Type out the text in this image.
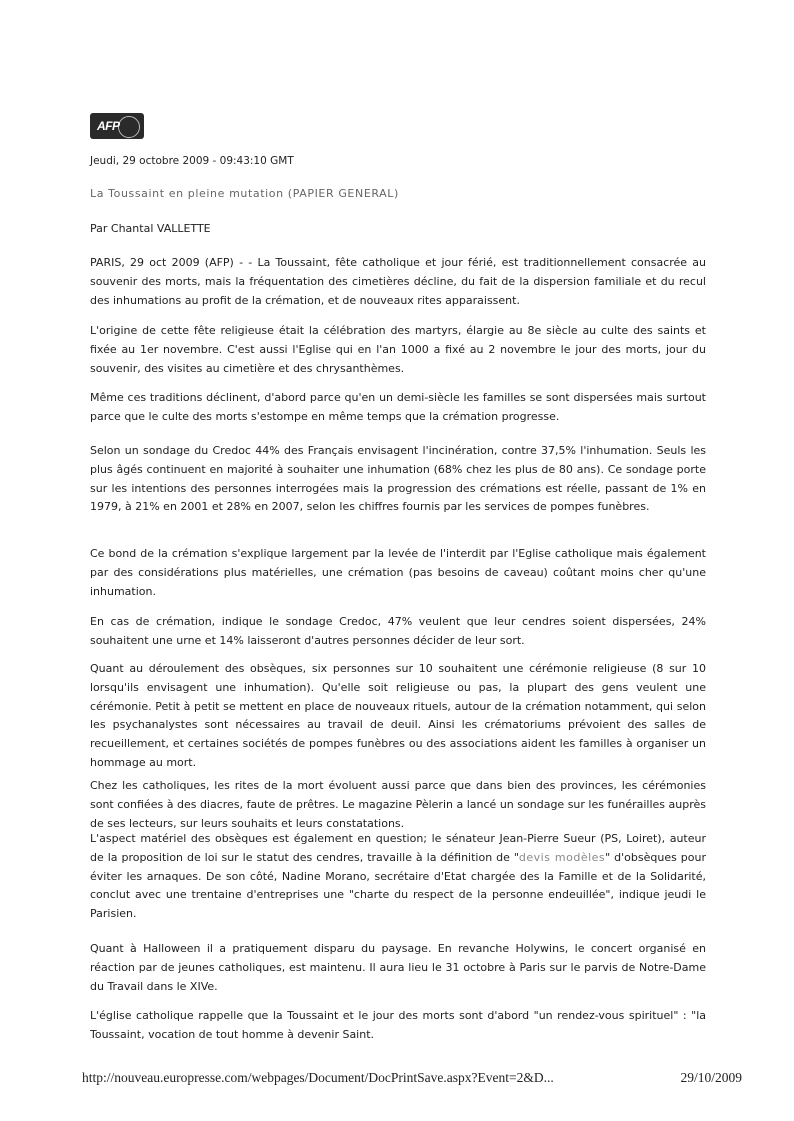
AFP
Jeudi, 29 octobre 2009 - 09:43:10 GMT
La Toussaint en pleine mutation (PAPIER GENERAL)
Par Chantal VALLETTE

PARIS, 29 oct 2009 (AFP) - - La Toussaint, fête catholique et jour férié, est traditionnellement consacrée au souvenir des morts, mais la fréquentation des cimetières décline, du fait de la dispersion familiale et du recul des inhumations au profit de la crémation, et de nouveaux rites apparaissent.

L'origine de cette fête religieuse était la célébration des martyrs, élargie au 8e siècle au culte des saints et fixée au 1er novembre. C'est aussi l'Eglise qui en l'an 1000 a fixé au 2 novembre le jour des morts, jour du souvenir, des visites au cimetière et des chrysanthèmes.

Même ces traditions déclinent, d'abord parce qu'en un demi-siècle les familles se sont dispersées mais surtout parce que le culte des morts s'estompe en même temps que la crémation progresse.

Selon un sondage du Credoc 44% des Français envisagent l'incinération, contre 37,5% l'inhumation. Seuls les plus âgés continuent en majorité à souhaiter une inhumation (68% chez les plus de 80 ans). Ce sondage porte sur les intentions des personnes interrogées mais la progression des crémations est réelle, passant de 1% en 1979, à 21% en 2001 et 28% en 2007, selon les chiffres fournis par les services de pompes funèbres.

Ce bond de la crémation s'explique largement par la levée de l'interdit par l'Eglise catholique mais également par des considérations plus matérielles, une crémation (pas besoins de caveau) coûtant moins cher qu'une inhumation.

En cas de crémation, indique le sondage Credoc, 47% veulent que leur cendres soient dispersées, 24% souhaitent une urne et 14% laisseront d'autres personnes décider de leur sort.

Quant au déroulement des obsèques, six personnes sur 10 souhaitent une cérémonie religieuse (8 sur 10 lorsqu'ils envisagent une inhumation). Qu'elle soit religieuse ou pas, la plupart des gens veulent une cérémonie. Petit à petit se mettent en place de nouveaux rituels, autour de la crémation notamment, qui selon les psychanalystes sont nécessaires au travail de deuil. Ainsi les crématoriums prévoient des salles de recueillement, et certaines sociétés de pompes funèbres ou des associations aident les familles à organiser un hommage au mort.

Chez les catholiques, les rites de la mort évoluent aussi parce que dans bien des provinces, les cérémonies sont confiées à des diacres, faute de prêtres. Le magazine Pèlerin a lancé un sondage sur les funérailles auprès de ses lecteurs, sur leurs souhaits et leurs constatations.

L'aspect matériel des obsèques est également en question; le sénateur Jean-Pierre Sueur (PS, Loiret), auteur de la proposition de loi sur le statut des cendres, travaille à la définition de "devis modèles" d'obsèques pour éviter les arnaques. De son côté, Nadine Morano, secrétaire d'Etat chargée des la Famille et de la Solidarité, conclut avec une trentaine d'entreprises une "charte du respect de la personne endeuillée", indique jeudi le Parisien.

Quant à Halloween il a pratiquement disparu du paysage. En revanche Holywins, le concert organisé en réaction par de jeunes catholiques, est maintenu. Il aura lieu le 31 octobre à Paris sur le parvis de Notre-Dame du Travail dans le XIVe.

L'église catholique rappelle que la Toussaint et le jour des morts sont d'abord "un rendez-vous spirituel" : "la Toussaint, vocation de tout homme à devenir Saint.

http://nouveau.europresse.com/webpages/Document/DocPrintSave.aspx?Event=2&D...	29/10/2009
